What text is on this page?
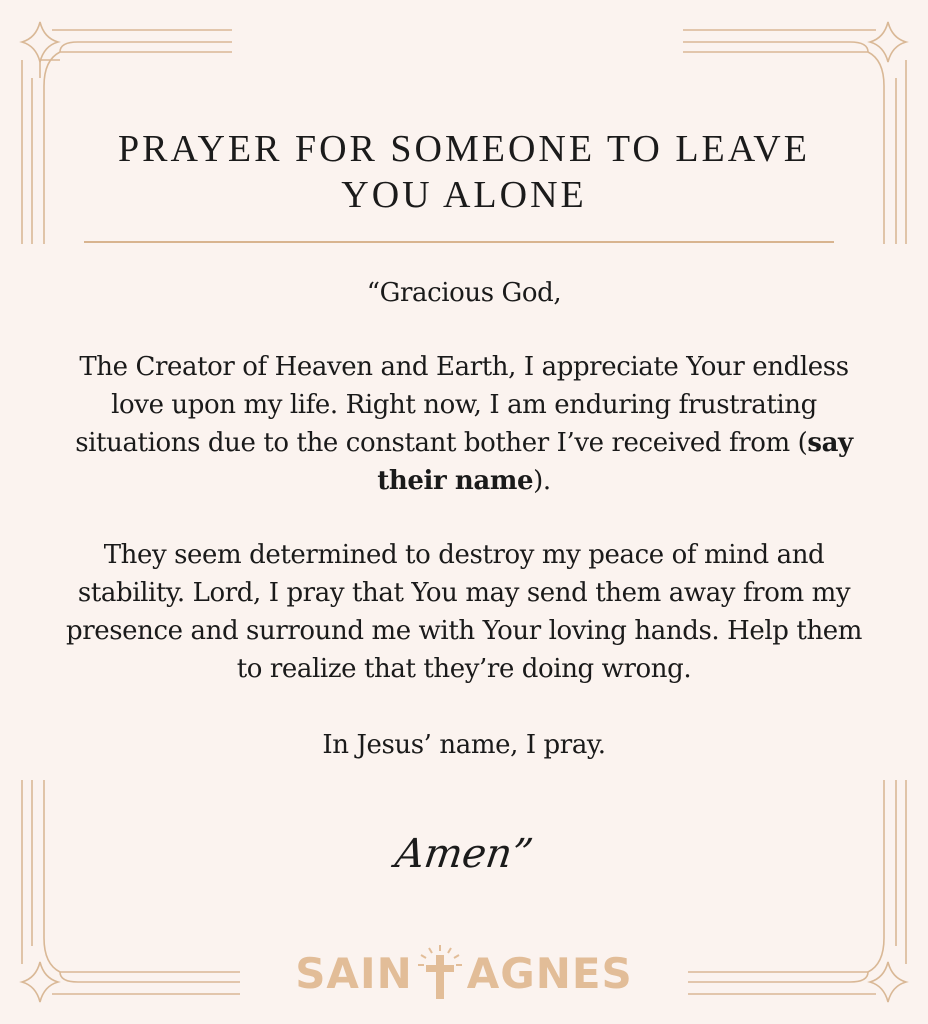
PRAYER FOR SOMEONE TO LEAVE YOU ALONE
“Gracious God,
The Creator of Heaven and Earth, I appreciate Your endless love upon my life. Right now, I am enduring frustrating situations due to the constant bother I’ve received from (say their name).
They seem determined to destroy my peace of mind and stability. Lord, I pray that You may send them away from my presence and surround me with Your loving hands. Help them to realize that they’re doing wrong.
In Jesus’ name, I pray.
Amen”
SAIN AGNES
